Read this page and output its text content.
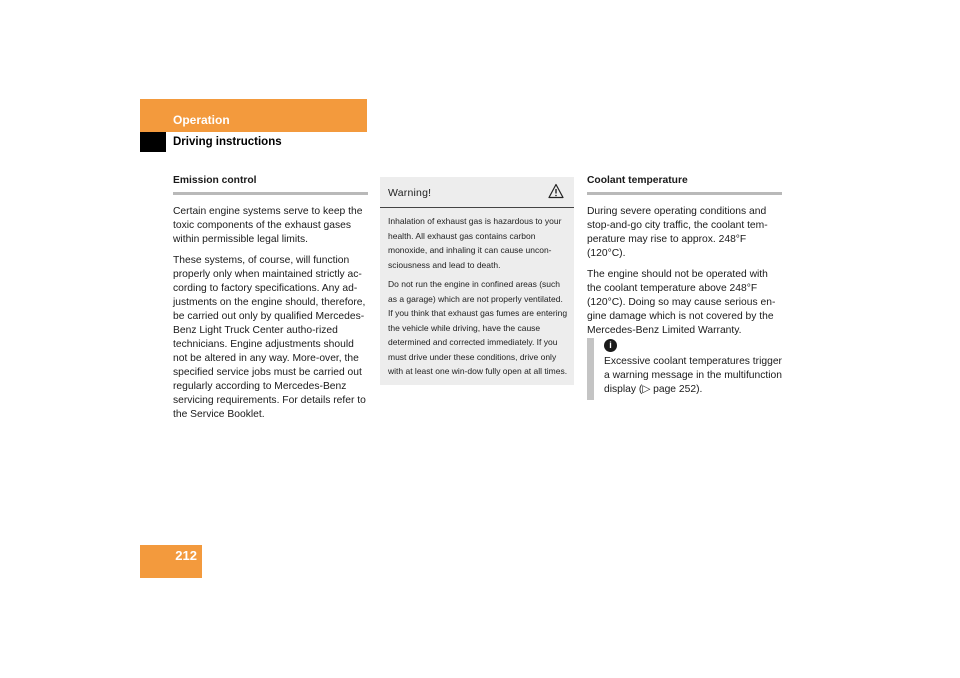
Operation
Driving instructions
Emission control

Certain engine systems serve to keep the toxic components of the exhaust gases within permissible legal limits.

These systems, of course, will function properly only when maintained strictly ac-cording to factory specifications. Any ad-justments on the engine should, therefore, be carried out only by qualified Mercedes-Benz Light Truck Center autho-rized technicians. Engine adjustments should not be altered in any way. More-over, the specified service jobs must be carried out regularly according to Mercedes-Benz servicing requirements. For details refer to the Service Booklet.

Warning!

Inhalation of exhaust gas is hazardous to your health. All exhaust gas contains carbon monoxide, and inhaling it can cause uncon-sciousness and lead to death.

Do not run the engine in confined areas (such as a garage) which are not properly ventilated. If you think that exhaust gas fumes are entering the vehicle while driving, have the cause determined and corrected immediately. If you must drive under these conditions, drive only with at least one win-dow fully open at all times.

Coolant temperature

During severe operating conditions and stop-and-go city traffic, the coolant tem-perature may rise to approx. 248°F (120°C).

The engine should not be operated with the coolant temperature above 248°F (120°C). Doing so may cause serious en-gine damage which is not covered by the Mercedes-Benz Limited Warranty.

i
Excessive coolant temperatures trigger a warning message in the multifunction display (▷ page 252).
212
